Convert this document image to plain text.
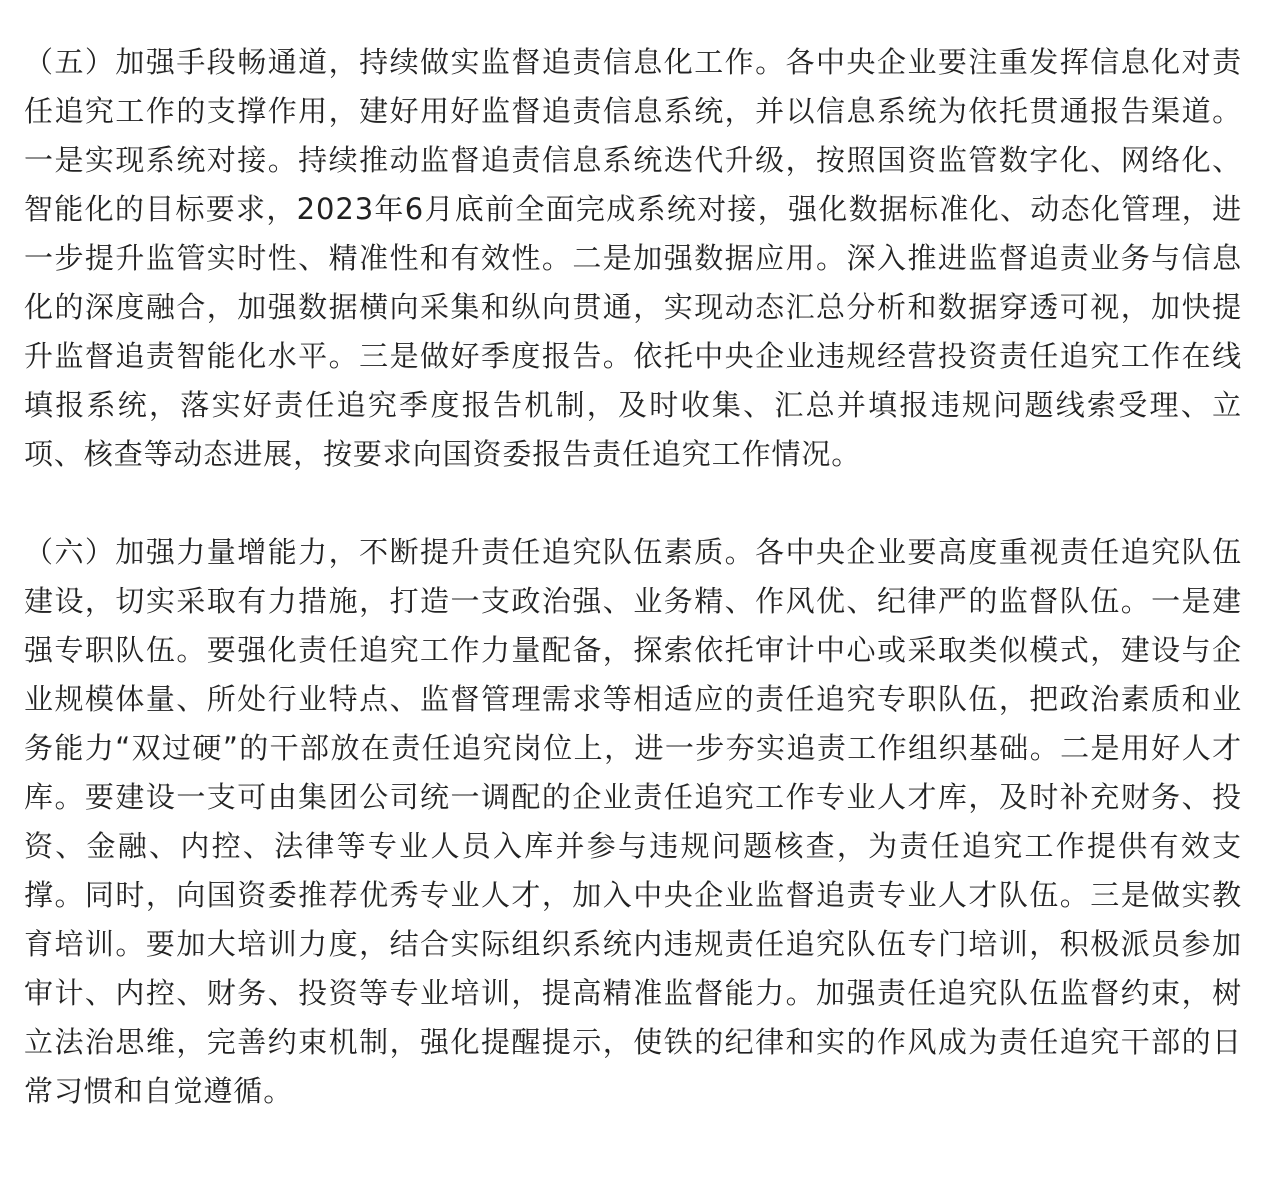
（五）加强手段畅通道，持续做实监督追责信息化工作。各中央企业要注重发挥信息化对责任追究工作的支撑作用，建好用好监督追责信息系统，并以信息系统为依托贯通报告渠道。一是实现系统对接。持续推动监督追责信息系统迭代升级，按照国资监管数字化、网络化、智能化的目标要求，2023年6月底前全面完成系统对接，强化数据标准化、动态化管理，进一步提升监管实时性、精准性和有效性。二是加强数据应用。深入推进监督追责业务与信息化的深度融合，加强数据横向采集和纵向贯通，实现动态汇总分析和数据穿透可视，加快提升监督追责智能化水平。三是做好季度报告。依托中央企业违规经营投资责任追究工作在线填报系统，落实好责任追究季度报告机制，及时收集、汇总并填报违规问题线索受理、立项、核查等动态进展，按要求向国资委报告责任追究工作情况。

（六）加强力量增能力，不断提升责任追究队伍素质。各中央企业要高度重视责任追究队伍建设，切实采取有力措施，打造一支政治强、业务精、作风优、纪律严的监督队伍。一是建强专职队伍。要强化责任追究工作力量配备，探索依托审计中心或采取类似模式，建设与企业规模体量、所处行业特点、监督管理需求等相适应的责任追究专职队伍，把政治素质和业务能力“双过硬”的干部放在责任追究岗位上，进一步夯实追责工作组织基础。二是用好人才库。要建设一支可由集团公司统一调配的企业责任追究工作专业人才库，及时补充财务、投资、金融、内控、法律等专业人员入库并参与违规问题核查，为责任追究工作提供有效支撑。同时，向国资委推荐优秀专业人才，加入中央企业监督追责专业人才队伍。三是做实教育培训。要加大培训力度，结合实际组织系统内违规责任追究队伍专门培训，积极派员参加审计、内控、财务、投资等专业培训，提高精准监督能力。加强责任追究队伍监督约束，树立法治思维，完善约束机制，强化提醒提示，使铁的纪律和实的作风成为责任追究干部的日常习惯和自觉遵循。
